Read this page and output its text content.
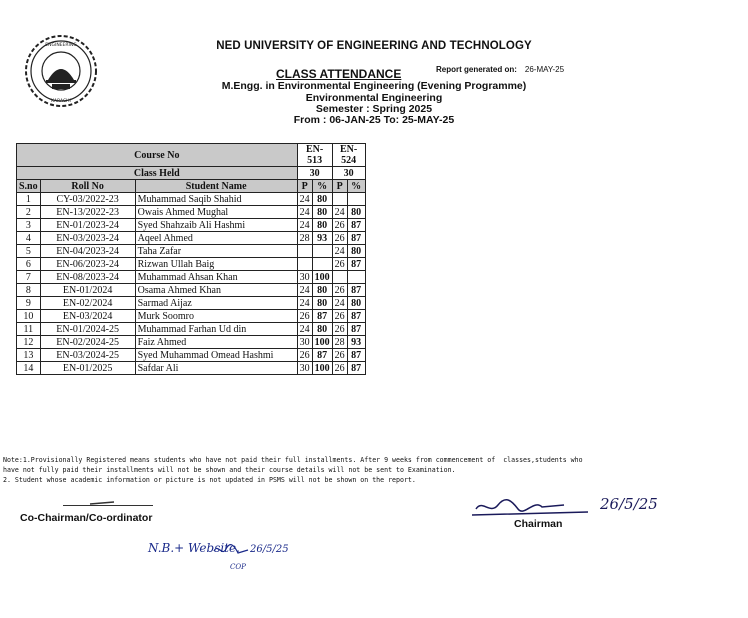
ENGINEERING
KARACHI
NED UNIVERSITY OF ENGINEERING AND TECHNOLOGY
CLASS ATTENDANCE	Report generated on: 26-MAY-25
M.Engg. in Environmental Engineering (Evening Programme)
Environmental Engineering
Semester : Spring 2025
From : 06-JAN-25 To: 25-MAY-25
Course No			EN-513		EN-524	
Class Held			30		30	
S.no	Roll No	Student Name	P	%	P	%
1	CY-03/2022-23	Muhammad Saqib Shahid	24	80		
2	EN-13/2022-23	Owais Ahmed Mughal	24	80	24	80
3	EN-01/2023-24	Syed Shahzaib Ali Hashmi	24	80	26	87
4	EN-03/2023-24	Aqeel Ahmed	28	93	26	87
5	EN-04/2023-24	Taha Zafar			24	80
6	EN-06/2023-24	Rizwan Ullah Baig			26	87
7	EN-08/2023-24	Muhammad Ahsan Khan	30	100		
8	EN-01/2024	Osama Ahmed Khan	24	80	26	87
9	EN-02/2024	Sarmad Aijaz	24	80	24	80
10	EN-03/2024	Murk Soomro	26	87	26	87
11	EN-01/2024-25	Muhammad Farhan Ud din	24	80	26	87
12	EN-02/2024-25	Faiz Ahmed	30	100	28	93
13	EN-03/2024-25	Syed Muhammad Omead Hashmi	26	87	26	87
14	EN-01/2025	Safdar Ali	30	100	26	87
Note:1.Provisionally Registered means students who have not paid their full installments. After 9 weeks from commencement of  classes,students who
have not fully paid their installments will not be shown and their course details will not be sent to Examination.
2. Student whose academic information or picture is not updated in PSMS will not be shown on the report.
Co-Chairman/Co-ordinator
26/5/25
Chairman
N.B.+ Website. 26/5/25
COP
